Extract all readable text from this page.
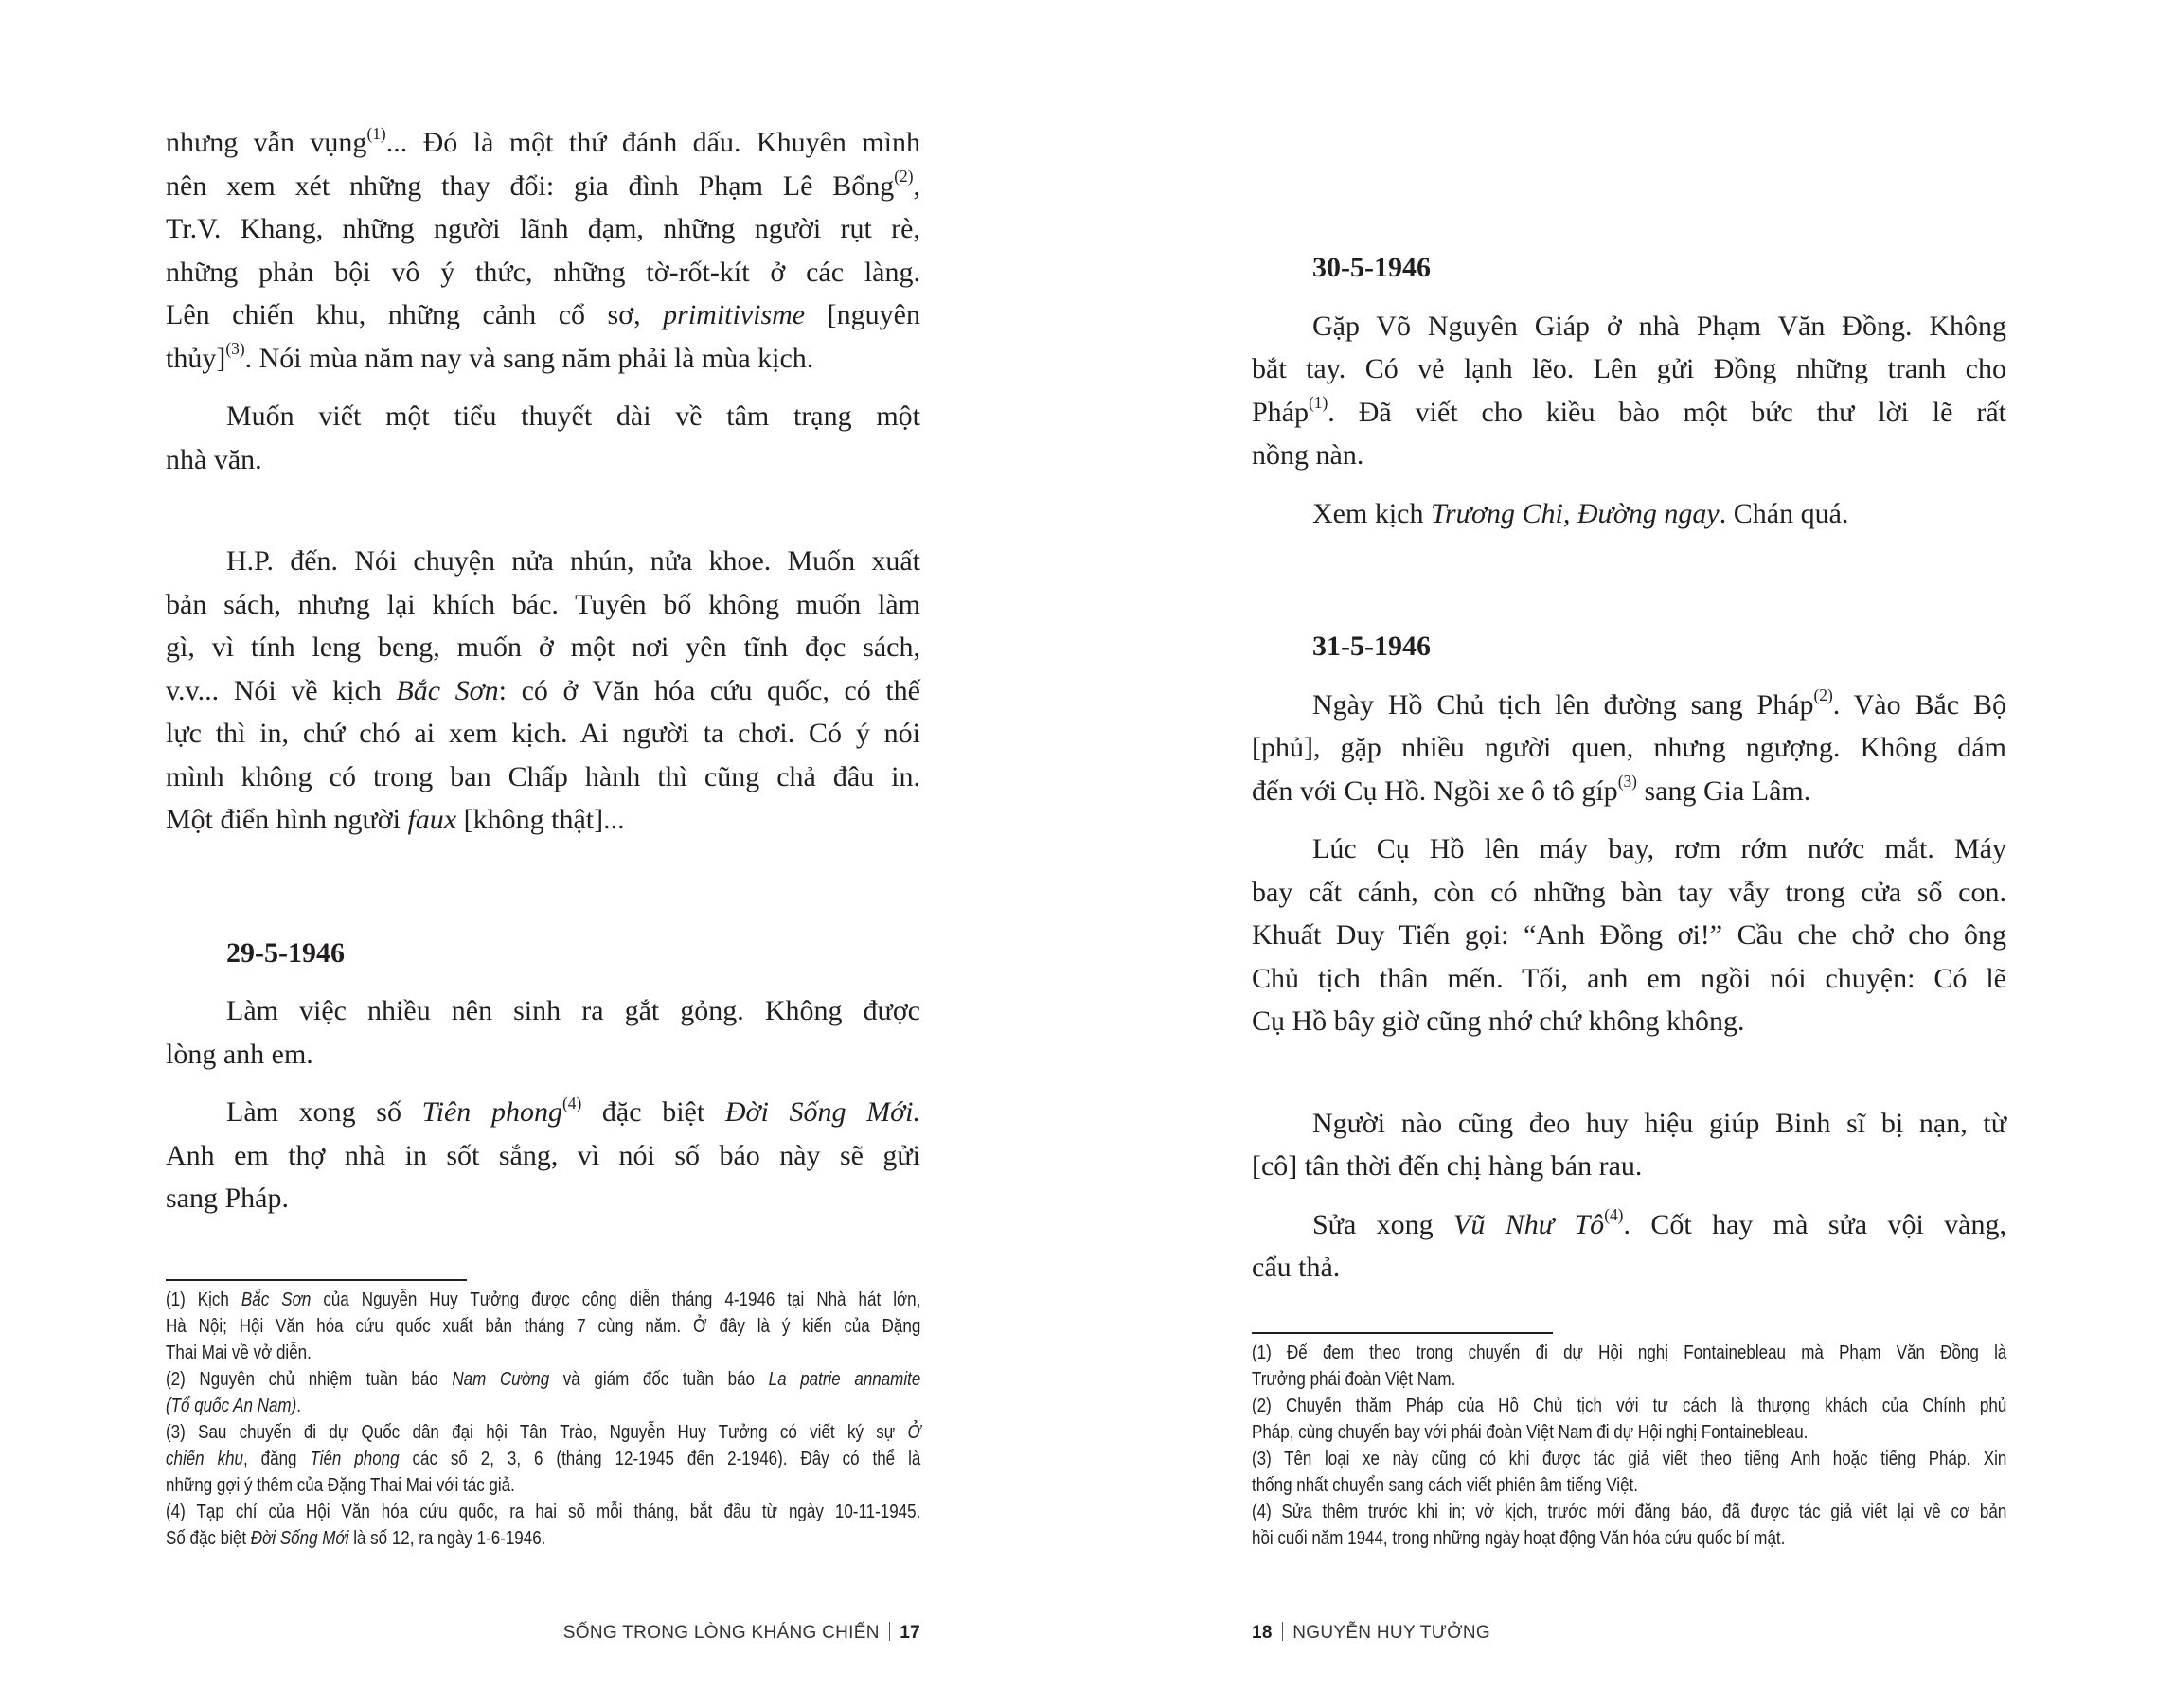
nhưng vẫn vụng$^{(1)}$... Đó là một thứ đánh dấu. Khuyên mình
nên xem xét những thay đổi: gia đình Phạm Lê Bổng$^{(2)}$,
Tr.V. Khang, những người lãnh đạm, những người rụt rè,
những phản bội vô ý thức, những tờ-rốt-kít ở các làng.
Lên chiến khu, những cảnh cổ sơ, primitivisme [nguyên
thủy]$^{(3)}$. Nói mùa năm nay và sang năm phải là mùa kịch.
Muốn viết một tiểu thuyết dài về tâm trạng một
nhà văn.
H.P. đến. Nói chuyện nửa nhún, nửa khoe. Muốn xuất
bản sách, nhưng lại khích bác. Tuyên bố không muốn làm
gì, vì tính leng beng, muốn ở một nơi yên tĩnh đọc sách,
v.v... Nói về kịch Bắc Sơn: có ở Văn hóa cứu quốc, có thế
lực thì in, chứ chó ai xem kịch. Ai người ta chơi. Có ý nói
mình không có trong ban Chấp hành thì cũng chả đâu in.
Một điển hình người faux [không thật]...
29-5-1946
Làm việc nhiều nên sinh ra gắt gỏng. Không được
lòng anh em.
Làm xong số Tiên phong$^{(4)}$ đặc biệt Đời Sống Mới.
Anh em thợ nhà in sốt sắng, vì nói số báo này sẽ gửi
sang Pháp.
30-5-1946
Gặp Võ Nguyên Giáp ở nhà Phạm Văn Đồng. Không
bắt tay. Có vẻ lạnh lẽo. Lên gửi Đồng những tranh cho
Pháp$^{(1)}$. Đã viết cho kiều bào một bức thư lời lẽ rất
nồng nàn.
Xem kịch Trương Chi, Đường ngay. Chán quá.
31-5-1946
Ngày Hồ Chủ tịch lên đường sang Pháp$^{(2)}$. Vào Bắc Bộ
[phủ], gặp nhiều người quen, nhưng ngượng. Không dám
đến với Cụ Hồ. Ngồi xe ô tô gíp$^{(3)}$ sang Gia Lâm.
Lúc Cụ Hồ lên máy bay, rơm rớm nước mắt. Máy
bay cất cánh, còn có những bàn tay vẫy trong cửa sổ con.
Khuất Duy Tiến gọi: “Anh Đồng ơi!” Cầu che chở cho ông
Chủ tịch thân mến. Tối, anh em ngồi nói chuyện: Có lẽ
Cụ Hồ bây giờ cũng nhớ chứ không không.
Người nào cũng đeo huy hiệu giúp Binh sĩ bị nạn, từ
[cô] tân thời đến chị hàng bán rau.
Sửa xong Vũ Như $Tô^{(4)}$. Cốt hay mà sửa vội vàng,
cẩu thả.
(1) Kịch Bắc Sơn của Nguyễn Huy Tưởng được công diễn tháng 4-1946 tại Nhà hát lớn,
Hà Nội; Hội Văn hóa cứu quốc xuất bản tháng 7 cùng năm. Ở đây là ý kiến của Đặng
Thai Mai về vở diễn.
(2) Nguyên chủ nhiệm tuần báo Nam Cường và giám đốc tuần báo La patrie annamite
(Tổ quốc An Nam).
(3) Sau chuyến đi dự Quốc dân đại hội Tân Trào, Nguyễn Huy Tưởng có viết ký sự Ở
chiến khu, đăng Tiên phong các số 2, 3, 6 (tháng 12-1945 đến 2-1946). Đây có thể là
những gợi ý thêm của Đặng Thai Mai với tác giả.
(4) Tạp chí của Hội Văn hóa cứu quốc, ra hai số mỗi tháng, bắt đầu từ ngày 10-11-1945.
Số đặc biệt Đời Sống Mới là số 12, ra ngày 1-6-1946.
(1) Để đem theo trong chuyến đi dự Hội nghị Fontainebleau mà Phạm Văn Đồng là
Trưởng phái đoàn Việt Nam.
(2) Chuyến thăm Pháp của Hồ Chủ tịch với tư cách là thượng khách của Chính phủ
Pháp, cùng chuyến bay với phái đoàn Việt Nam đi dự Hội nghị Fontainebleau.
(3) Tên loại xe này cũng có khi được tác giả viết theo tiếng Anh hoặc tiếng Pháp. Xin
thống nhất chuyển sang cách viết phiên âm tiếng Việt.
(4) Sửa thêm trước khi in; vở kịch, trước mới đăng báo, đã được tác giả viết lại về cơ bản
hồi cuối năm 1944, trong những ngày hoạt động Văn hóa cứu quốc bí mật.
SỐNG TRONG LÒNG KHÁNG CHIẾN 17	18 NGUYỄN HUY TƯỞNG
